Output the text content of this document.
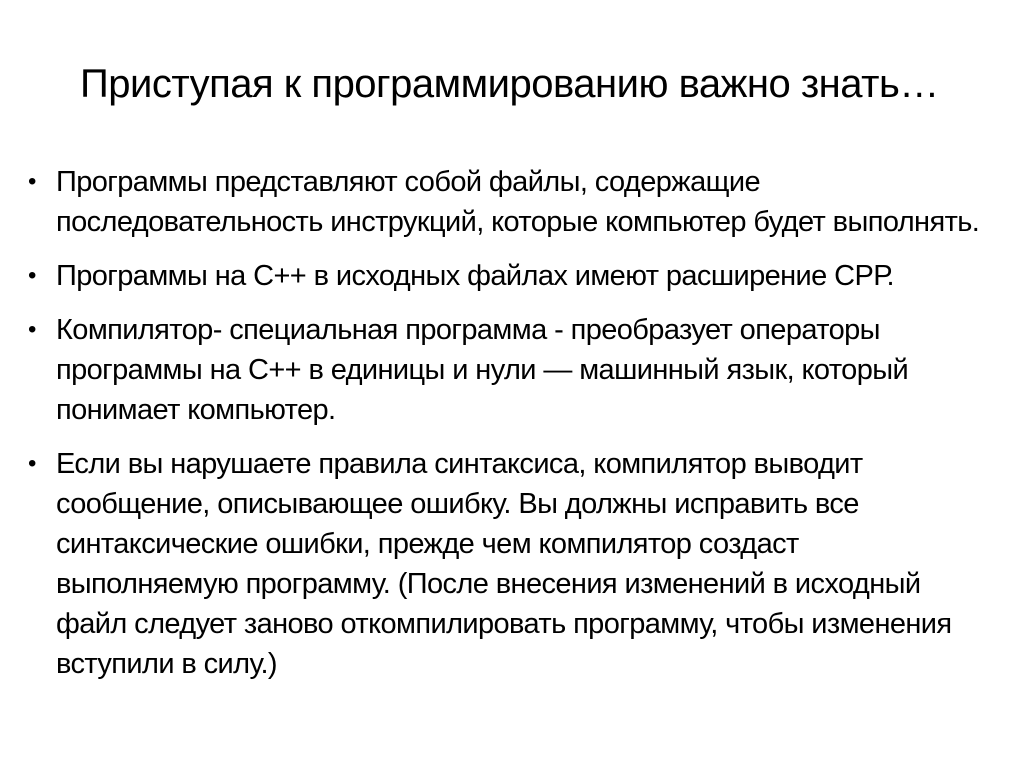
Приступая к программированию важно знать…
• Программы представляют собой файлы, содержащие последовательность инструкций, которые компьютер будет выполнять.
• Программы на С++ в исходных файлах имеют расширение СРР.
• Компилятор- специальная программа - преобразует операторы программы на С++ в единицы и нули — машинный язык, который понимает компьютер.
• Если вы нарушаете правила синтаксиса, компилятор выводит сообщение, описывающее ошибку. Вы должны исправить все синтаксические ошибки, прежде чем компилятор создаст выполняемую программу. (После внесения изменений в исходный файл следует заново откомпилировать программу, чтобы изменения вступили в силу.)
